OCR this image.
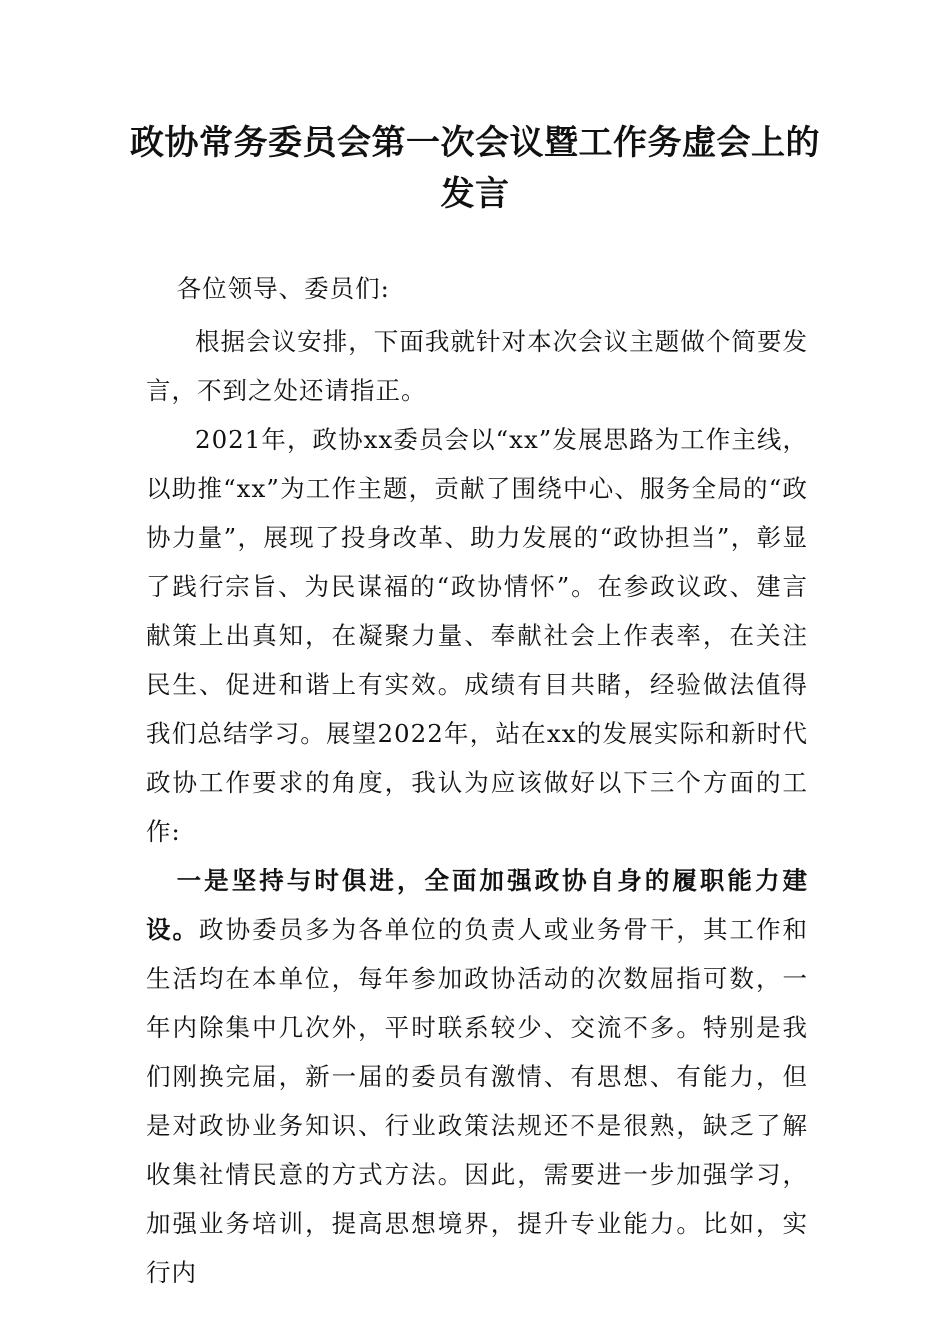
政协常务委员会第一次会议暨工作务虚会上的发言

各位领导、委员们:

根据会议安排，下面我就针对本次会议主题做个简要发言，不到之处还请指正。

2021年，政协xx委员会以“xx”发展思路为工作主线，以助推“xx”为工作主题，贡献了围绕中心、服务全局的“政协力量”，展现了投身改革、助力发展的“政协担当”，彰显了践行宗旨、为民谋福的“政协情怀”。在参政议政、建言献策上出真知，在凝聚力量、奉献社会上作表率，在关注民生、促进和谐上有实效。成绩有目共睹，经验做法值得我们总结学习。展望2022年，站在xx的发展实际和新时代政协工作要求的角度，我认为应该做好以下三个方面的工作:

一是坚持与时俱进，全面加强政协自身的履职能力建设。政协委员多为各单位的负责人或业务骨干，其工作和生活均在本单位，每年参加政协活动的次数屈指可数，一年内除集中几次外，平时联系较少、交流不多。特别是我们刚换完届，新一届的委员有激情、有思想、有能力，但是对政协业务知识、行业政策法规还不是很熟，缺乏了解收集社情民意的方式方法。因此，需要进一步加强学习，加强业务培训，提高思想境界，提升专业能力。比如，实行内
